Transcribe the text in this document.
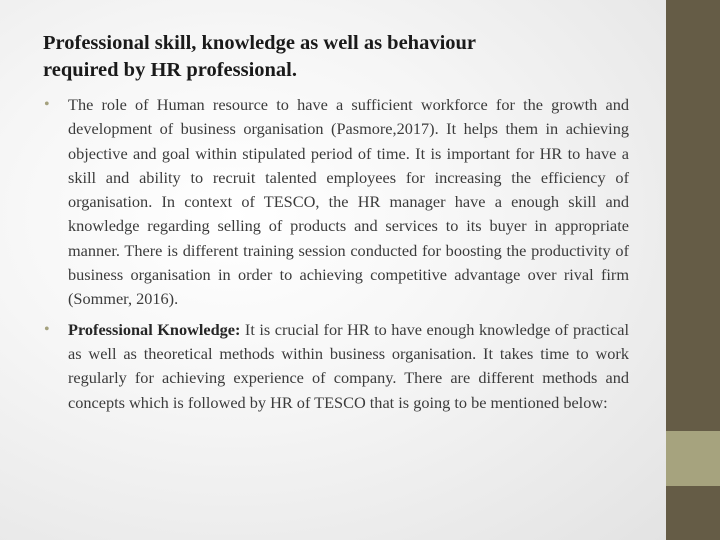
Professional skill, knowledge as well as behaviour
required by HR professional.
• The role of Human resource to have a sufficient workforce for the growth and development of business organisation (Pasmore,2017). It helps them in achieving objective and goal within stipulated period of time. It is important for HR to have a skill and ability to recruit talented employees for increasing the efficiency of organisation. In context of TESCO, the HR manager have a enough skill and knowledge regarding selling of products and services to its buyer in appropriate manner. There is different training session conducted for boosting the productivity of business organisation in order to achieving competitive advantage over rival firm (Sommer, 2016).
• Professional Knowledge: It is crucial for HR to have enough knowledge of practical as well as theoretical methods within business organisation. It takes time to work regularly for achieving experience of company. There are different methods and concepts which is followed by HR of TESCO that is going to be mentioned below:
